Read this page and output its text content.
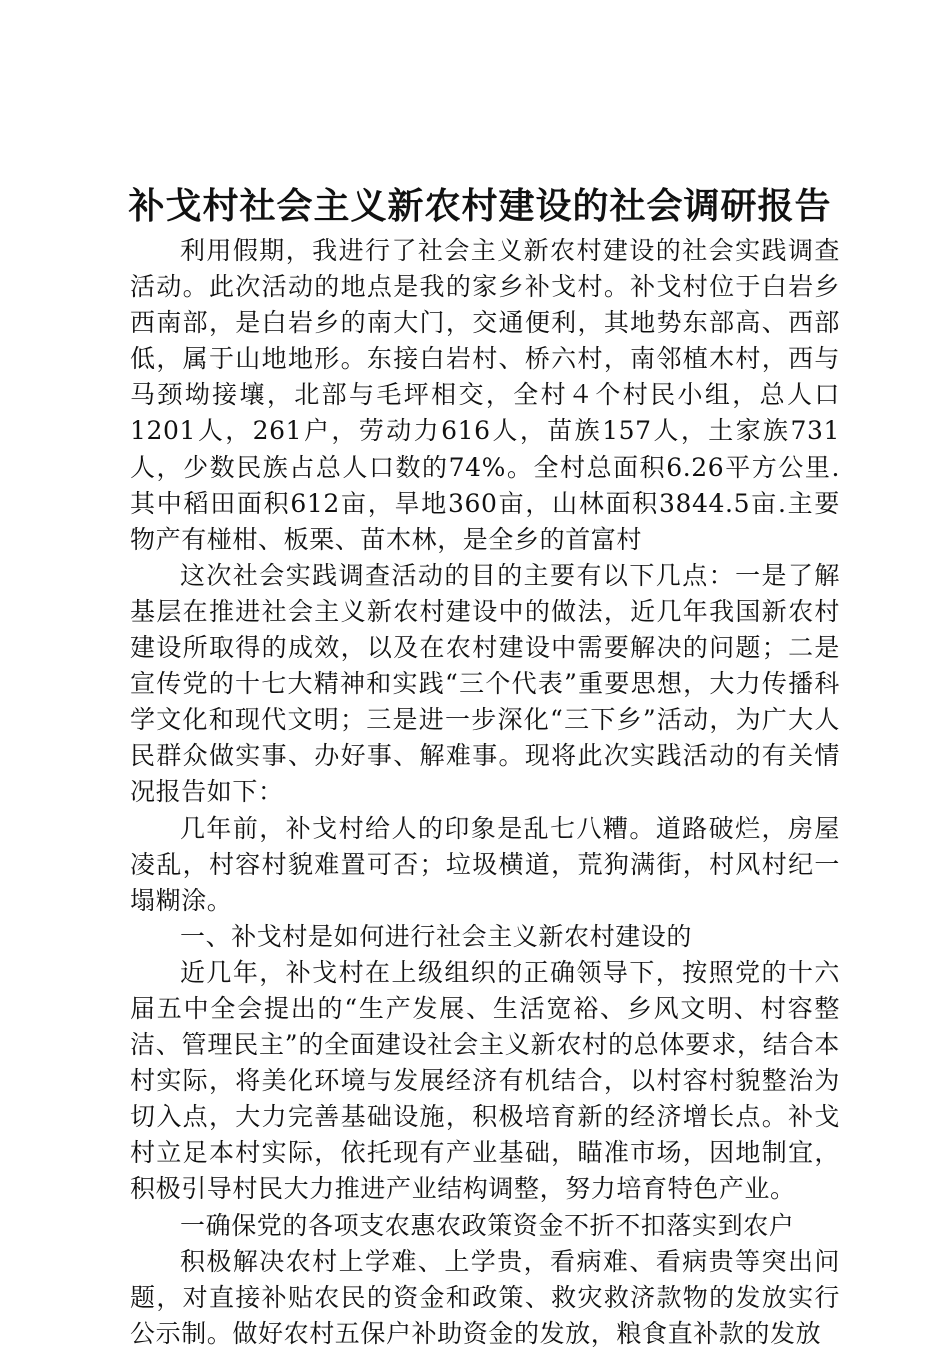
补戈村社会主义新农村建设的社会调研报告

利用假期，我进行了社会主义新农村建设的社会实践调查活动。此次活动的地点是我的家乡补戈村。补戈村位于白岩乡西南部，是白岩乡的南大门，交通便利，其地势东部高、西部低，属于山地地形。东接白岩村、桥六村，南邻植木村，西与马颈坳接壤，北部与毛坪相交，全村４个村民小组，总人口1201人，261户，劳动力616人，苗族157人，土家族731人，少数民族占总人口数的74%。全村总面积6.26平方公里.其中稻田面积612亩，旱地360亩，山林面积3844.5亩.主要物产有椪柑、板栗、苗木林，是全乡的首富村

这次社会实践调查活动的目的主要有以下几点：一是了解基层在推进社会主义新农村建设中的做法，近几年我国新农村建设所取得的成效，以及在农村建设中需要解决的问题；二是宣传党的十七大精神和实践“三个代表”重要思想，大力传播科学文化和现代文明；三是进一步深化“三下乡”活动，为广大人民群众做实事、办好事、解难事。现将此次实践活动的有关情况报告如下：

几年前，补戈村给人的印象是乱七八糟。道路破烂，房屋凌乱，村容村貌难置可否；垃圾横道，荒狗满街，村风村纪一塌糊涂。

一、补戈村是如何进行社会主义新农村建设的

近几年，补戈村在上级组织的正确领导下，按照党的十六届五中全会提出的“生产发展、生活宽裕、乡风文明、村容整洁、管理民主”的全面建设社会主义新农村的总体要求，结合本村实际，将美化环境与发展经济有机结合，以村容村貌整治为切入点，大力完善基础设施，积极培育新的经济增长点。补戈村立足本村实际，依托现有产业基础，瞄准市场，因地制宜，积极引导村民大力推进产业结构调整，努力培育特色产业。

一确保党的各项支农惠农政策资金不折不扣落实到农户

积极解决农村上学难、上学贵，看病难、看病贵等突出问题，对直接补贴农民的资金和政策、救灾救济款物的发放实行公示制。做好农村五保户补助资金的发放，粮食直补款的发放
